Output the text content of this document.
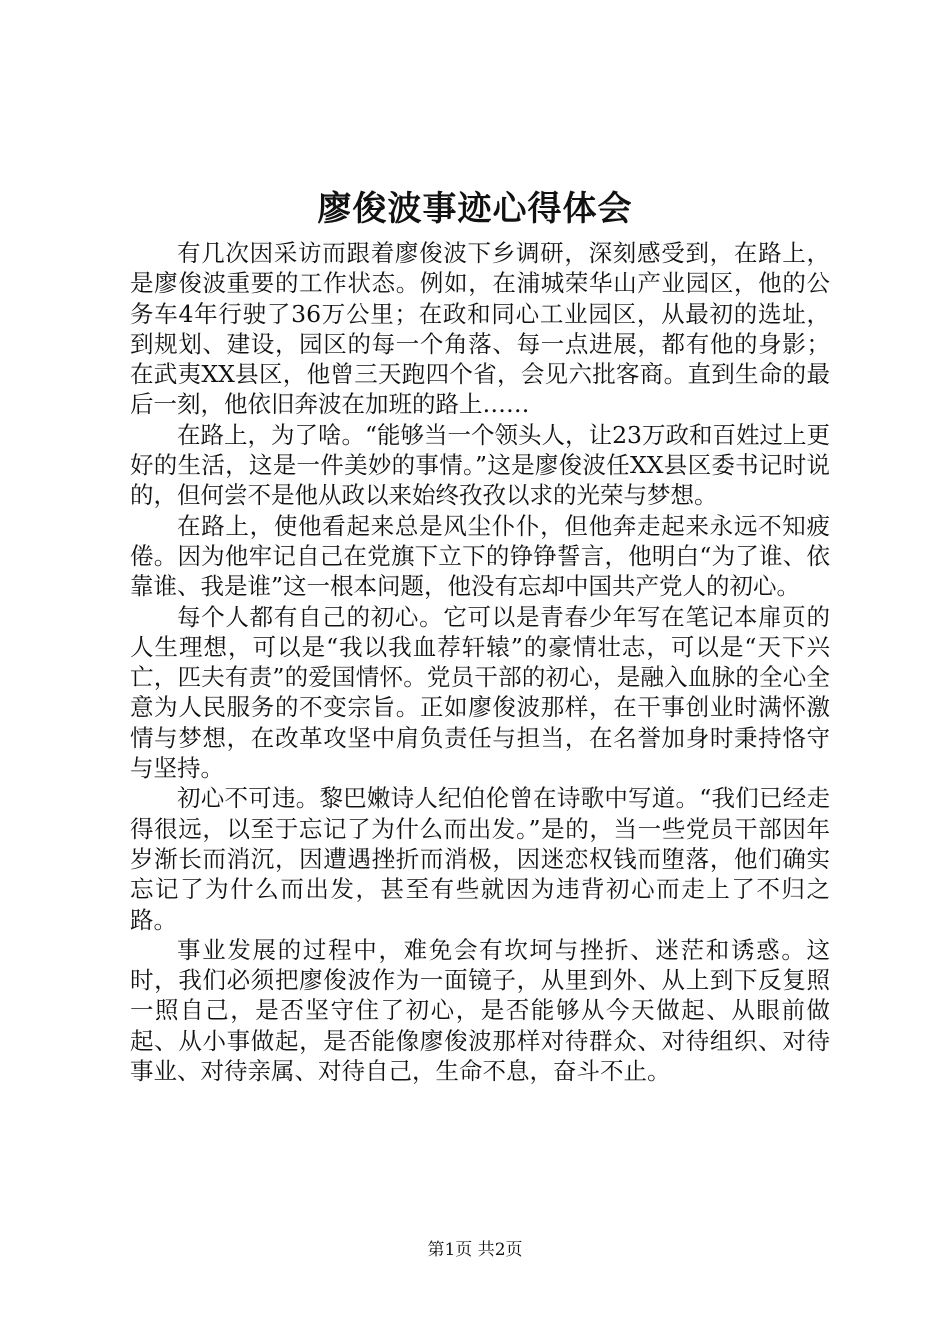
廖俊波事迹心得体会

有几次因采访而跟着廖俊波下乡调研，深刻感受到，在路上，是廖俊波重要的工作状态。例如，在浦城荣华山产业园区，他的公务车4年行驶了36万公里；在政和同心工业园区，从最初的选址，到规划、建设，园区的每一个角落、每一点进展，都有他的身影；在武夷XX县区，他曾三天跑四个省，会见六批客商。直到生命的最后一刻，他依旧奔波在加班的路上……

在路上，为了啥。“能够当一个领头人，让23万政和百姓过上更好的生活，这是一件美妙的事情。”这是廖俊波任XX县区委书记时说的，但何尝不是他从政以来始终孜孜以求的光荣与梦想。

在路上，使他看起来总是风尘仆仆，但他奔走起来永远不知疲倦。因为他牢记自己在党旗下立下的铮铮誓言，他明白“为了谁、依靠谁、我是谁”这一根本问题，他没有忘却中国共产党人的初心。

每个人都有自己的初心。它可以是青春少年写在笔记本扉页的人生理想，可以是“我以我血荐轩辕”的豪情壮志，可以是“天下兴亡，匹夫有责”的爱国情怀。党员干部的初心，是融入血脉的全心全意为人民服务的不变宗旨。正如廖俊波那样，在干事创业时满怀激情与梦想，在改革攻坚中肩负责任与担当，在名誉加身时秉持恪守与坚持。

初心不可违。黎巴嫩诗人纪伯伦曾在诗歌中写道。“我们已经走得很远，以至于忘记了为什么而出发。”是的，当一些党员干部因年岁渐长而消沉，因遭遇挫折而消极，因迷恋权钱而堕落，他们确实忘记了为什么而出发，甚至有些就因为违背初心而走上了不归之路。

事业发展的过程中，难免会有坎坷与挫折、迷茫和诱惑。这时，我们必须把廖俊波作为一面镜子，从里到外、从上到下反复照一照自己，是否坚守住了初心，是否能够从今天做起、从眼前做起、从小事做起，是否能像廖俊波那样对待群众、对待组织、对待事业、对待亲属、对待自己，生命不息，奋斗不止。

第1页 共2页
